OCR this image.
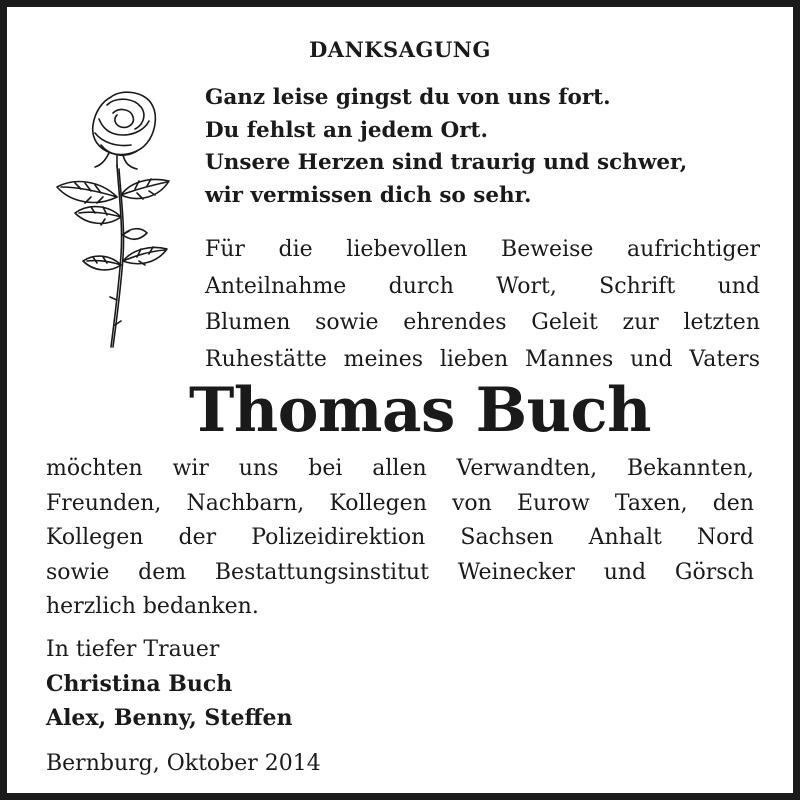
DANKSAGUNG
Ganz leise gingst du von uns fort.
Du fehlst an jedem Ort.
Unsere Herzen sind traurig und schwer,
wir vermissen dich so sehr.
Für die liebevollen Beweise aufrichtiger
Anteilnahme durch Wort, Schrift und
Blumen sowie ehrendes Geleit zur letzten
Ruhestätte meines lieben Mannes und Vaters
Thomas Buch
möchten wir uns bei allen Verwandten, Bekannten,
Freunden, Nachbarn, Kollegen von Eurow Taxen, den
Kollegen der Polizeidirektion Sachsen Anhalt Nord
sowie dem Bestattungsinstitut Weinecker und Görsch
herzlich bedanken.
In tiefer Trauer
Christina Buch
Alex, Benny, Steffen
Bernburg, Oktober 2014
